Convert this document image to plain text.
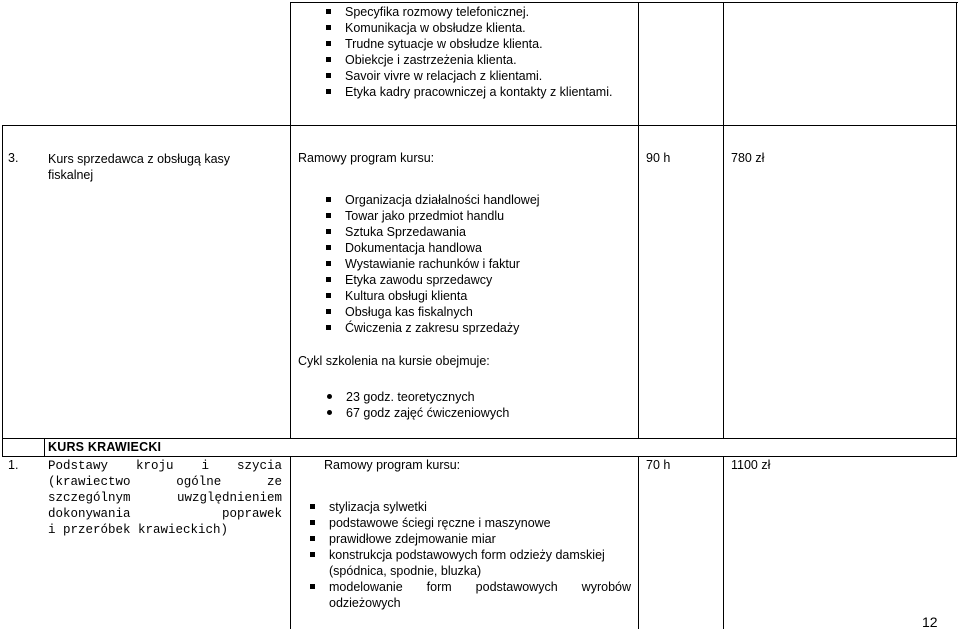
Specyfika rozmowy telefonicznej.
Komunikacja w obsłudze klienta.
Trudne sytuacje w obsłudze klienta.
Obiekcje i zastrzeżenia klienta.
Savoir vivre w relacjach z klientami.
Etyka kadry pracowniczej a kontakty z klientami.
3. Kurs sprzedawca z obsługą kasy
fiskalnej
Ramowy program kursu:
Organizacja działalności handlowej
Towar jako przedmiot handlu
Sztuka Sprzedawania
Dokumentacja handlowa
Wystawianie rachunków i faktur
Etyka zawodu sprzedawcy
Kultura obsługi klienta
Obsługa kas fiskalnych
Ćwiczenia z zakresu sprzedaży
Cykl szkolenia na kursie obejmuje:
23 godz. teoretycznych
67 godz zajęć ćwiczeniowych
90 h	780 zł
KURS KRAWIECKI
1. Podstawy kroju i szycia
(krawiectwo ogólne ze
szczególnym uwzględnieniem
dokonywania poprawek
i przeróbek krawieckich)
Ramowy program kursu:
stylizacja sylwetki
podstawowe ściegi ręczne i maszynowe
prawidłowe zdejmowanie miar
konstrukcja podstawowych form odzieży damskiej
(spódnica, spodnie, bluzka)
modelowanie form podstawowych wyrobów
odzieżowych
70 h	1100 zł
12
